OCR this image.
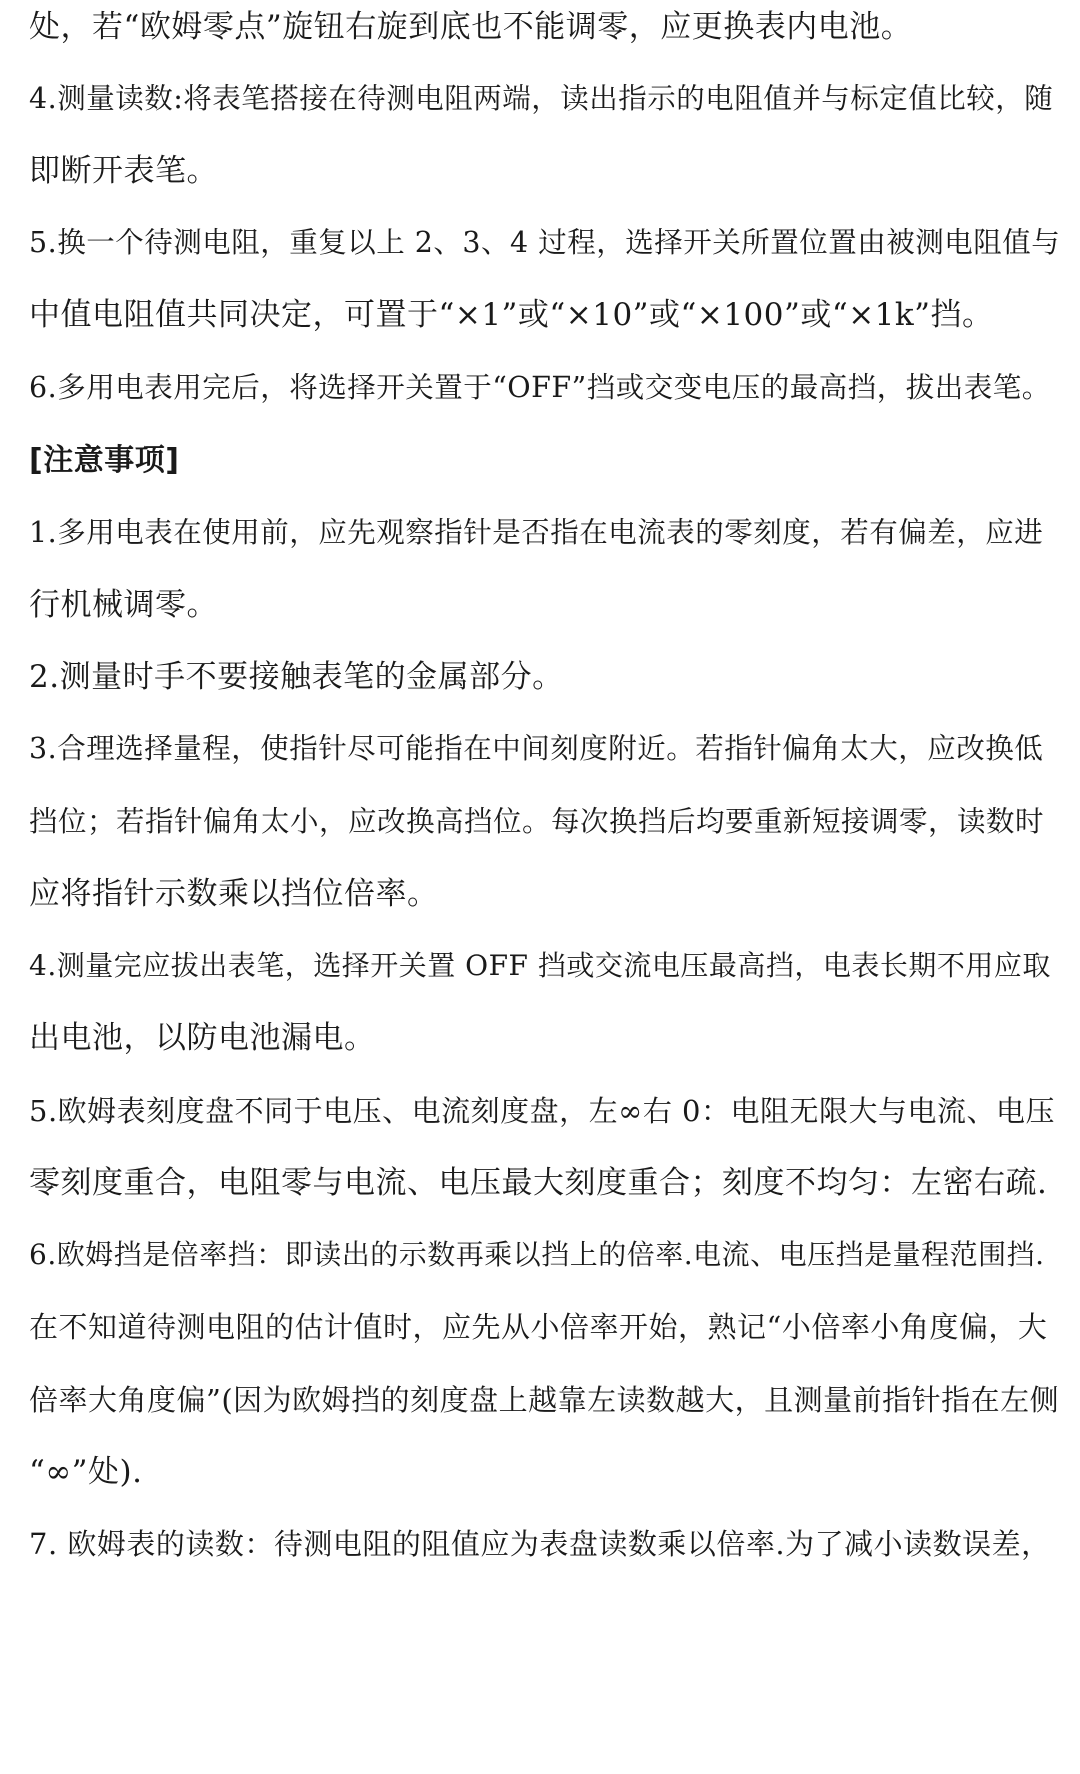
处，若“欧姆零点”旋钮右旋到底也不能调零，应更换表内电池。
4.测量读数:将表笔搭接在待测电阻两端，读出指示的电阻值并与标定值比较，随
即断开表笔。
5.换一个待测电阻，重复以上 2、3、4 过程，选择开关所置位置由被测电阻值与
中值电阻值共同决定，可置于“×1”或“×10”或“×100”或“×1k”挡。
6.多用电表用完后，将选择开关置于“OFF”挡或交变电压的最高挡，拔出表笔。
[注意事项]
1.多用电表在使用前，应先观察指针是否指在电流表的零刻度，若有偏差，应进
行机械调零。
2.测量时手不要接触表笔的金属部分。
3.合理选择量程，使指针尽可能指在中间刻度附近。若指针偏角太大，应改换低
挡位；若指针偏角太小，应改换高挡位。每次换挡后均要重新短接调零，读数时
应将指针示数乘以挡位倍率。
4.测量完应拔出表笔，选择开关置 OFF 挡或交流电压最高挡，电表长期不用应取
出电池，以防电池漏电。
5.欧姆表刻度盘不同于电压、电流刻度盘，左∞右 0：电阻无限大与电流、电压
零刻度重合，电阻零与电流、电压最大刻度重合；刻度不均匀：左密右疏.
6.欧姆挡是倍率挡：即读出的示数再乘以挡上的倍率.电流、电压挡是量程范围挡.
在不知道待测电阻的估计值时，应先从小倍率开始，熟记“小倍率小角度偏，大
倍率大角度偏”(因为欧姆挡的刻度盘上越靠左读数越大，且测量前指针指在左侧
“∞”处).
7. 欧姆表的读数：待测电阻的阻值应为表盘读数乘以倍率.为了减小读数误差，
